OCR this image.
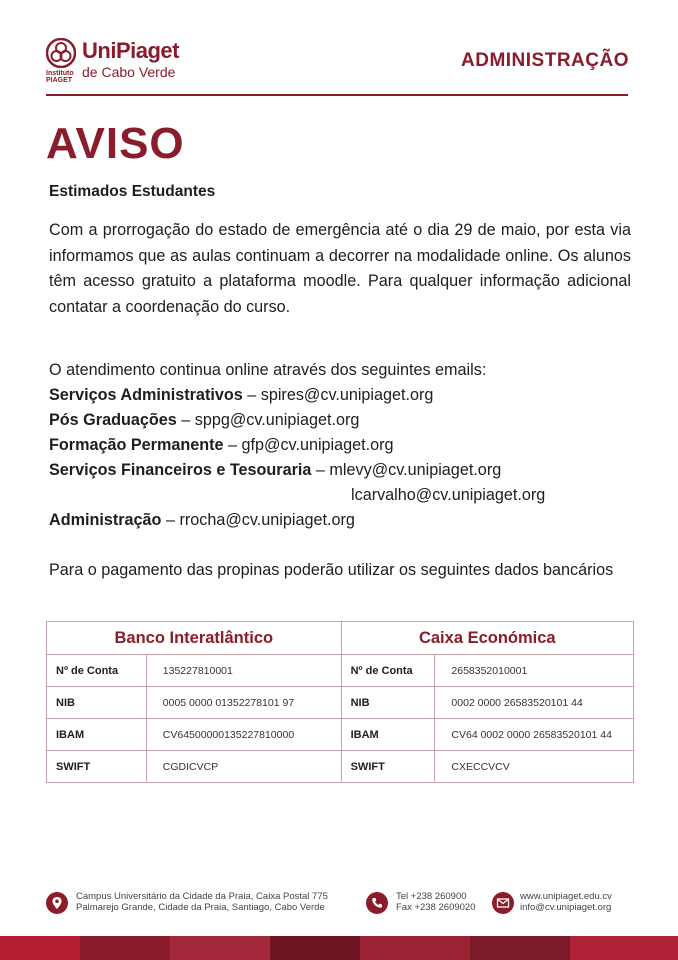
Instituto PIAGET
UniPiaget
de Cabo Verde
ADMINISTRAÇÃO
AVISO
Estimados Estudantes
Com a prorrogação do estado de emergência até o dia 29 de maio, por esta via informamos que as aulas continuam a decorrer na modalidade online. Os alunos têm acesso gratuito a plataforma moodle. Para qualquer informação adicional contatar a coordenação do curso.
O atendimento continua online através dos seguintes emails:
Serviços Administrativos – spires@cv.unipiaget.org
Pós Graduações – sppg@cv.unipiaget.org
Formação Permanente – gfp@cv.unipiaget.org
Serviços Financeiros e Tesouraria – mlevy@cv.unipiaget.org
lcarvalho@cv.unipiaget.org
Administração – rrocha@cv.unipiaget.org
Para o pagamento das propinas poderão utilizar os seguintes dados bancários
Banco Interatlântico		Caixa Económica	
Nº de Conta	135227810001	Nº de Conta	2658352010001
NIB	0005 0000 01352278101 97	NIB	0002 0000 26583520101 44
IBAM	CV64500000135227810000	IBAM	CV64 0002 0000 26583520101 44
SWIFT	CGDICVCP	SWIFT	CXECCVCV
Campus Universitário da Cidade da Praia, Caixa Postal 775
Palmarejo Grande, Cidade da Praia, Santiago, Cabo Verde
Tel +238 260900
Fax +238 2609020
www.unipiaget.edu.cv
info@cv.unipiaget.org
